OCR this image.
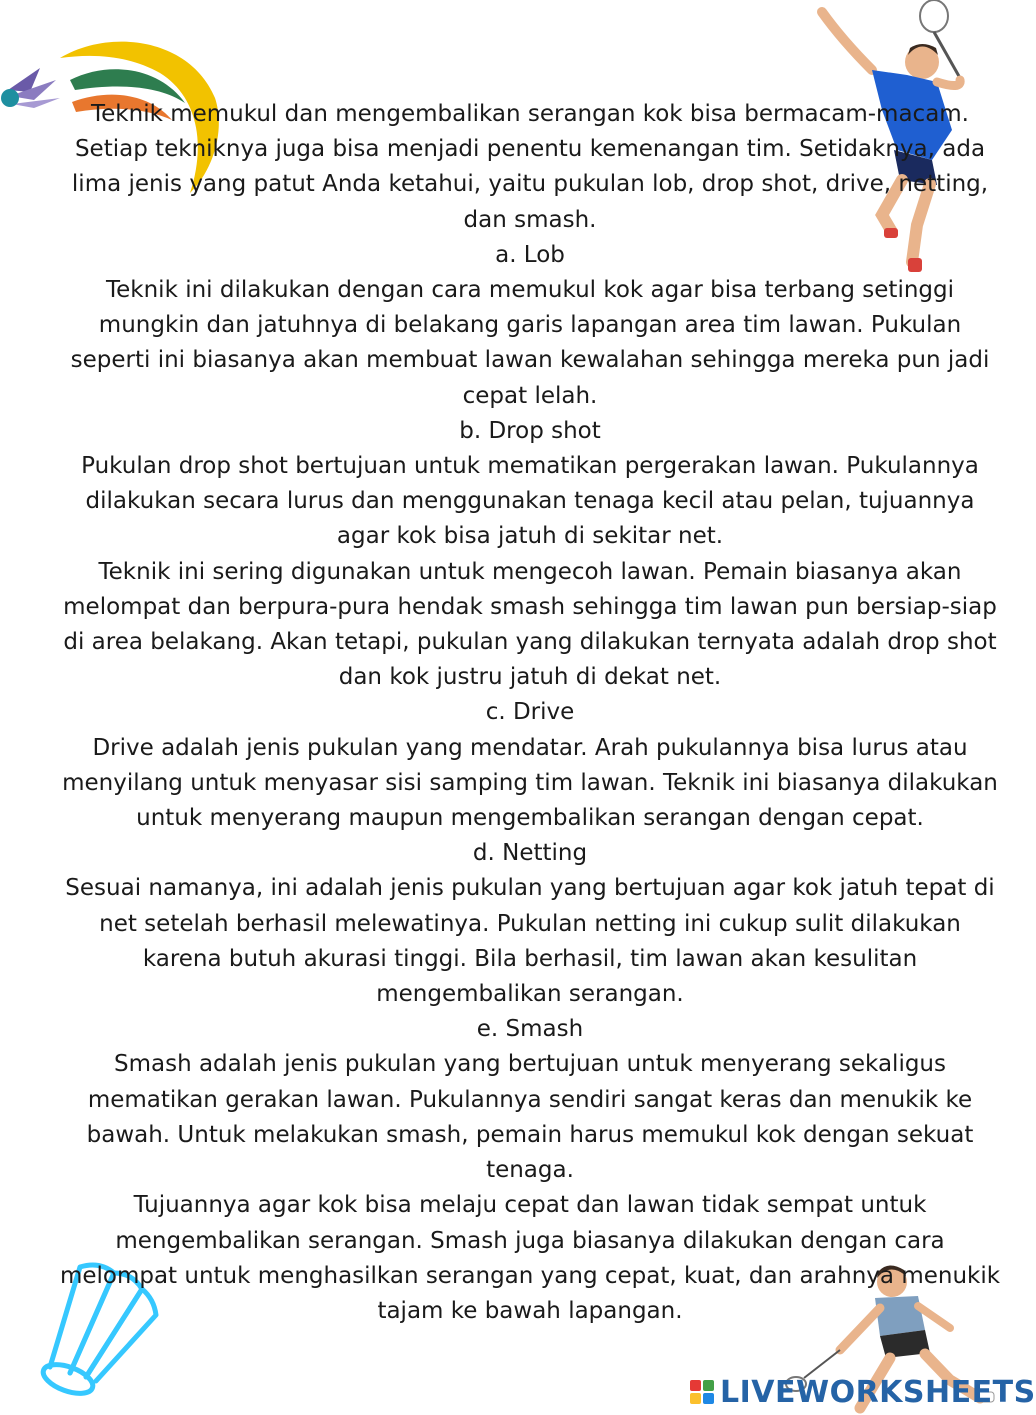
Teknik memukul dan mengembalikan serangan kok bisa bermacam-macam. Setiap tekniknya juga bisa menjadi penentu kemenangan tim. Setidaknya, ada lima jenis yang patut Anda ketahui, yaitu pukulan lob, drop shot, drive, netting, dan smash.

a. Lob

Teknik ini dilakukan dengan cara memukul kok agar bisa terbang setinggi mungkin dan jatuhnya di belakang garis lapangan area tim lawan. Pukulan seperti ini biasanya akan membuat lawan kewalahan sehingga mereka pun jadi cepat lelah.

b. Drop shot

Pukulan drop shot bertujuan untuk mematikan pergerakan lawan. Pukulannya dilakukan secara lurus dan menggunakan tenaga kecil atau pelan, tujuannya agar kok bisa jatuh di sekitar net.

Teknik ini sering digunakan untuk mengecoh lawan. Pemain biasanya akan melompat dan berpura-pura hendak smash sehingga tim lawan pun bersiap-siap di area belakang. Akan tetapi, pukulan yang dilakukan ternyata adalah drop shot dan kok justru jatuh di dekat net.

c. Drive

Drive adalah jenis pukulan yang mendatar. Arah pukulannya bisa lurus atau menyilang untuk menyasar sisi samping tim lawan. Teknik ini biasanya dilakukan untuk menyerang maupun mengembalikan serangan dengan cepat.

d. Netting

Sesuai namanya, ini adalah jenis pukulan yang bertujuan agar kok jatuh tepat di net setelah berhasil melewatinya. Pukulan netting ini cukup sulit dilakukan karena butuh akurasi tinggi. Bila berhasil, tim lawan akan kesulitan mengembalikan serangan.

e. Smash

Smash adalah jenis pukulan yang bertujuan untuk menyerang sekaligus mematikan gerakan lawan. Pukulannya sendiri sangat keras dan menukik ke bawah. Untuk melakukan smash, pemain harus memukul kok dengan sekuat tenaga.

Tujuannya agar kok bisa melaju cepat dan lawan tidak sempat untuk mengembalikan serangan. Smash juga biasanya dilakukan dengan cara melompat untuk menghasilkan serangan yang cepat, kuat, dan arahnya menukik tajam ke bawah lapangan.

LIVEWORKSHEETS
